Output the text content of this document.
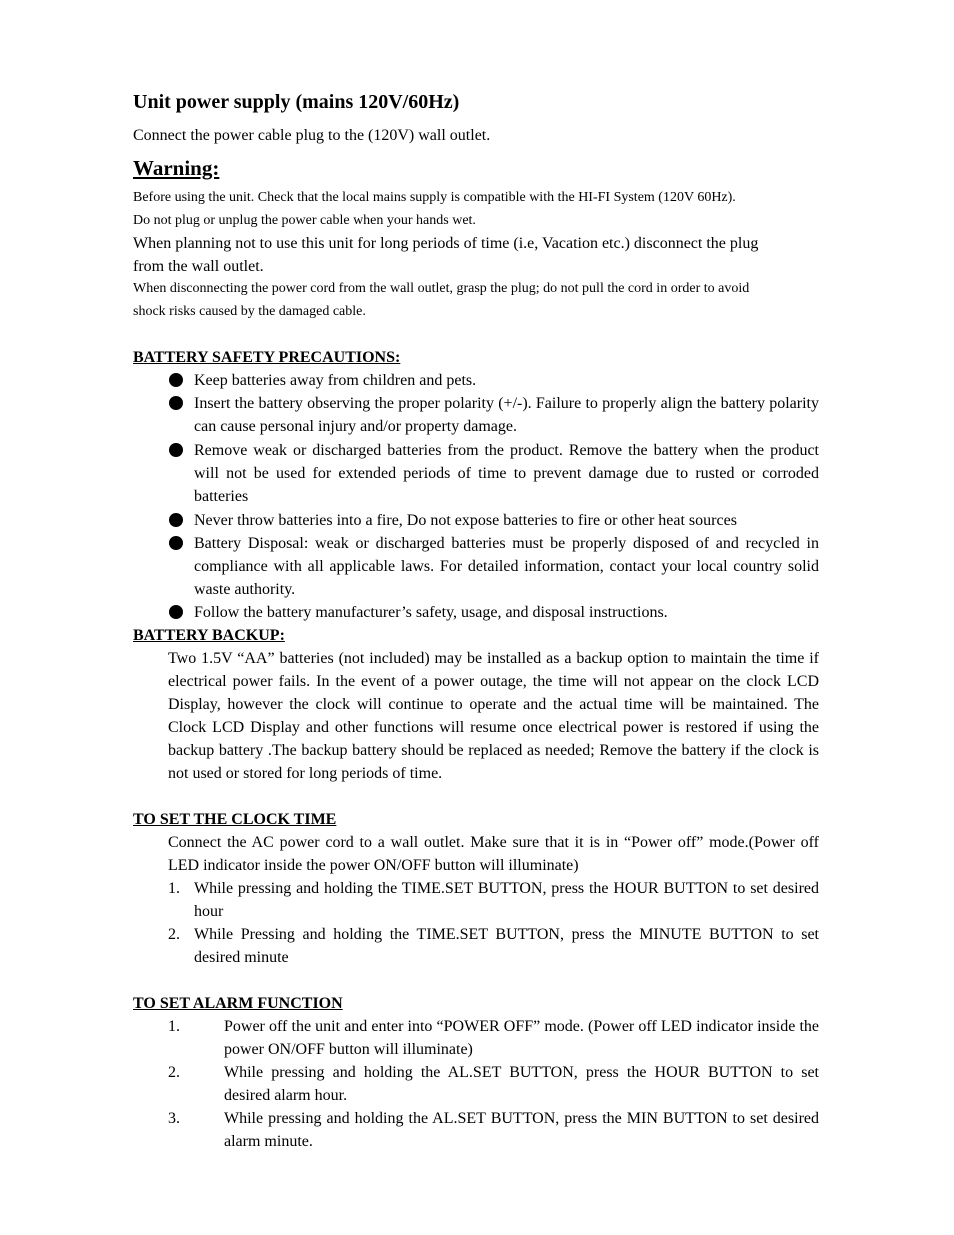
Unit power supply (mains 120V/60Hz)

Connect the power cable plug to the (120V) wall outlet.

Warning:

Before using the unit. Check that the local mains supply is compatible with the HI-FI System (120V 60Hz).

Do not plug or unplug the power cable when your hands wet.

When planning not to use this unit for long periods of time (i.e, Vacation etc.) disconnect the plug from the wall outlet.

When disconnecting the power cord from the wall outlet, grasp the plug; do not pull the cord in order to avoid

shock risks caused by the damaged cable.

BATTERY SAFETY PRECAUTIONS:
Keep batteries away from children and pets.
Insert the battery observing the proper polarity (+/-). Failure to properly align the battery polarity can cause personal injury and/or property damage.
Remove weak or discharged batteries from the product. Remove the battery when the product will not be used for extended periods of time to prevent damage due to rusted or corroded batteries
Never throw batteries into a fire, Do not expose batteries to fire or other heat sources
Battery Disposal: weak or discharged batteries must be properly disposed of and recycled in compliance with all applicable laws. For detailed information, contact your local country solid waste authority.
Follow the battery manufacturer’s safety, usage, and disposal instructions.
BATTERY BACKUP:

Two 1.5V “AA” batteries (not included) may be installed as a backup option to maintain the time if electrical power fails. In the event of a power outage, the time will not appear on the clock LCD Display, however the clock will continue to operate and the actual time will be maintained. The Clock LCD Display and other functions will resume once electrical power is restored if using the backup battery .The backup battery should be replaced as needed; Remove the battery if the clock is not used or stored for long periods of time.

TO SET THE CLOCK TIME

Connect the AC power cord to a wall outlet. Make sure that it is in “Power off” mode.(Power off LED indicator inside the power ON/OFF button will illuminate)

1. While pressing and holding the TIME.SET BUTTON, press the HOUR BUTTON to set desired hour
2. While Pressing and holding the TIME.SET BUTTON, press the MINUTE BUTTON to set desired minute
TO SET ALARM FUNCTION
1.	Power off the unit and enter into “POWER OFF” mode. (Power off LED indicator inside the power ON/OFF button will illuminate)
2.	While pressing and holding the AL.SET BUTTON, press the HOUR BUTTON to set desired alarm hour.
3.	While pressing and holding the AL.SET BUTTON, press the MIN BUTTON to set desired alarm minute.
